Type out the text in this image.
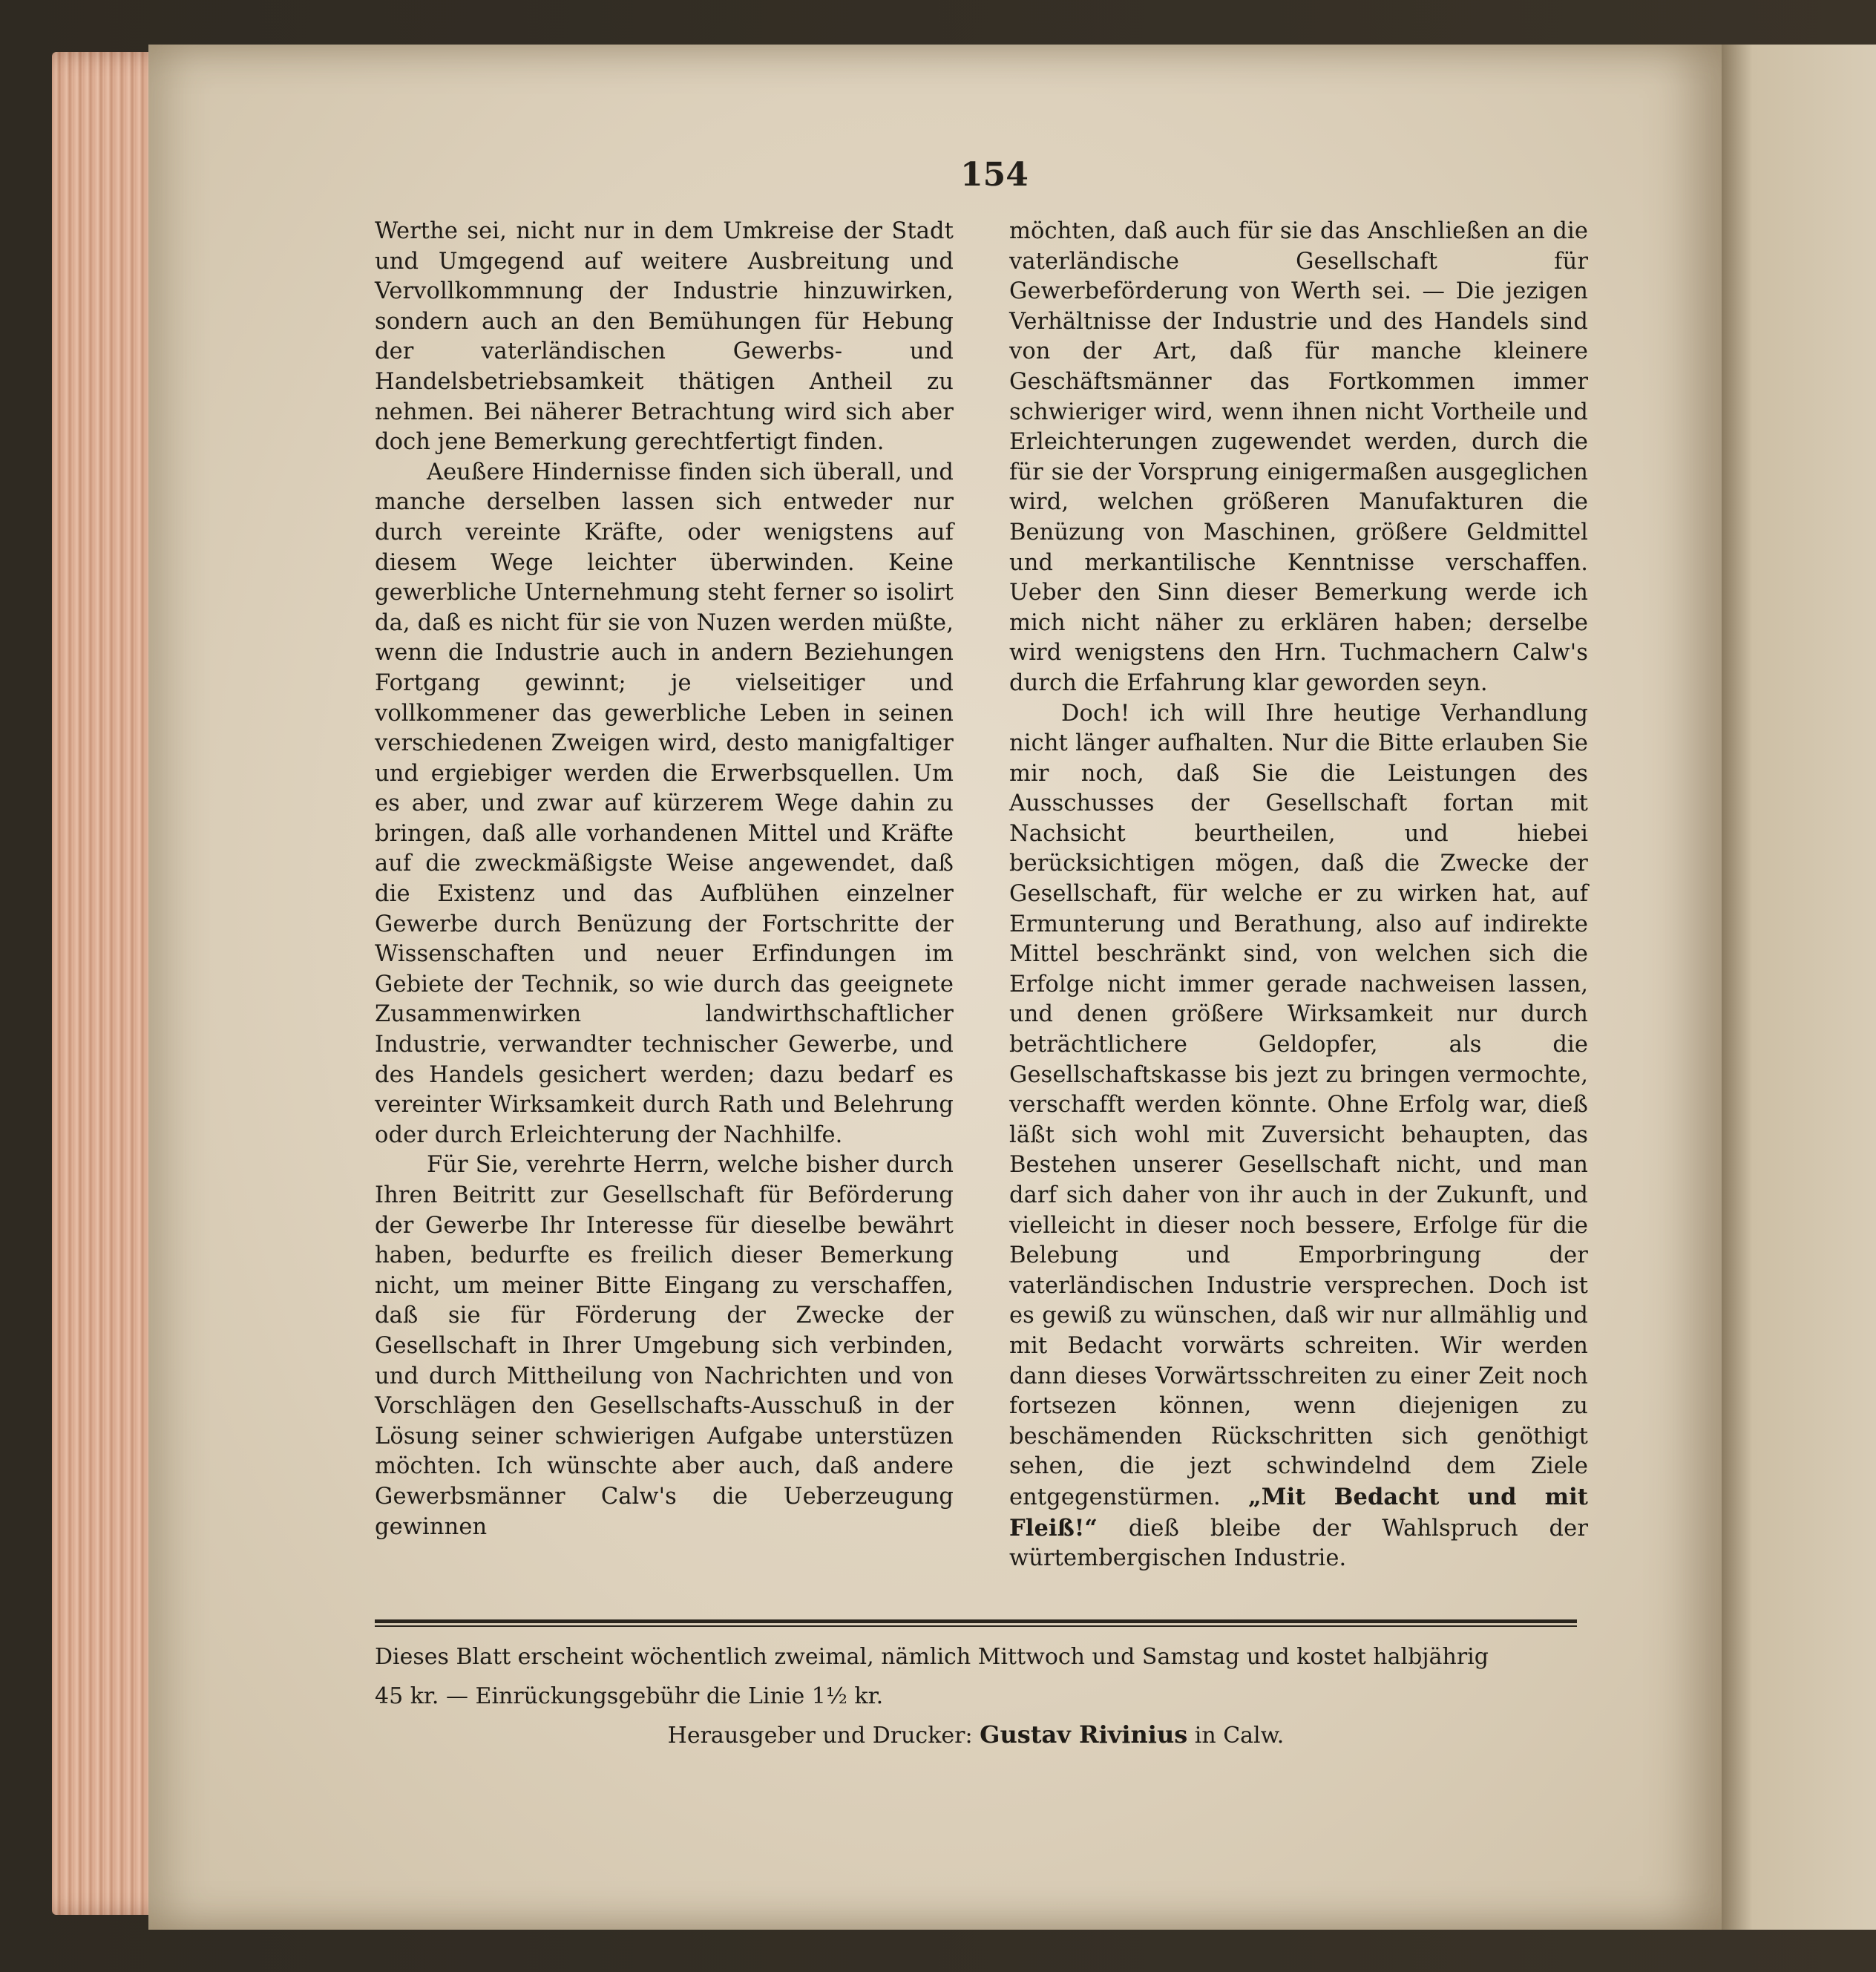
154

Werthe sei, nicht nur in dem Umkreise der Stadt und Umgegend auf weitere Ausbreitung und Vervollkommnung der Industrie hinzuwirken, sondern auch an den Bemühungen für Hebung der vaterländischen Gewerbs- und Handelsbetriebsamkeit thätigen Antheil zu nehmen. Bei näherer Betrachtung wird sich aber doch jene Bemerkung gerechtfertigt finden.

Aeußere Hindernisse finden sich überall, und manche derselben lassen sich entweder nur durch vereinte Kräfte, oder wenigstens auf diesem Wege leichter überwinden. Keine gewerbliche Unternehmung steht ferner so isolirt da, daß es nicht für sie von Nuzen werden müßte, wenn die Industrie auch in andern Beziehungen Fortgang gewinnt; je vielseitiger und vollkommener das gewerbliche Leben in seinen verschiedenen Zweigen wird, desto manigfaltiger und ergiebiger werden die Erwerbsquellen. Um es aber, und zwar auf kürzerem Wege dahin zu bringen, daß alle vorhandenen Mittel und Kräfte auf die zweckmäßigste Weise angewendet, daß die Existenz und das Aufblühen einzelner Gewerbe durch Benüzung der Fortschritte der Wissenschaften und neuer Erfindungen im Gebiete der Technik, so wie durch das geeignete Zusammenwirken landwirthschaftlicher Industrie, verwandter technischer Gewerbe, und des Handels gesichert werden; dazu bedarf es vereinter Wirksamkeit durch Rath und Belehrung oder durch Erleichterung der Nachhilfe.

Für Sie, verehrte Herrn, welche bisher durch Ihren Beitritt zur Gesellschaft für Beförderung der Gewerbe Ihr Interesse für dieselbe bewährt haben, bedurfte es freilich dieser Bemerkung nicht, um meiner Bitte Eingang zu verschaffen, daß sie für Förderung der Zwecke der Gesellschaft in Ihrer Umgebung sich verbinden, und durch Mittheilung von Nachrichten und von Vorschlägen den Gesellschafts-Ausschuß in der Lösung seiner schwierigen Aufgabe unterstüzen möchten. Ich wünschte aber auch, daß andere Gewerbsmänner Calw's die Ueberzeugung gewinnen

möchten, daß auch für sie das Anschließen an die vaterländische Gesellschaft für Gewerbeförderung von Werth sei. — Die jezigen Verhältnisse der Industrie und des Handels sind von der Art, daß für manche kleinere Geschäftsmänner das Fortkommen immer schwieriger wird, wenn ihnen nicht Vortheile und Erleichterungen zugewendet werden, durch die für sie der Vorsprung einigermaßen ausgeglichen wird, welchen größeren Manufakturen die Benüzung von Maschinen, größere Geldmittel und merkantilische Kenntnisse verschaffen. Ueber den Sinn dieser Bemerkung werde ich mich nicht näher zu erklären haben; derselbe wird wenigstens den Hrn. Tuchmachern Calw's durch die Erfahrung klar geworden seyn.

Doch! ich will Ihre heutige Verhandlung nicht länger aufhalten. Nur die Bitte erlauben Sie mir noch, daß Sie die Leistungen des Ausschusses der Gesellschaft fortan mit Nachsicht beurtheilen, und hiebei berücksichtigen mögen, daß die Zwecke der Gesellschaft, für welche er zu wirken hat, auf Ermunterung und Berathung, also auf indirekte Mittel beschränkt sind, von welchen sich die Erfolge nicht immer gerade nachweisen lassen, und denen größere Wirksamkeit nur durch beträchtlichere Geldopfer, als die Gesellschaftskasse bis jezt zu bringen vermochte, verschafft werden könnte. Ohne Erfolg war, dieß läßt sich wohl mit Zuversicht behaupten, das Bestehen unserer Gesellschaft nicht, und man darf sich daher von ihr auch in der Zukunft, und vielleicht in dieser noch bessere, Erfolge für die Belebung und Emporbringung der vaterländischen Industrie versprechen. Doch ist es gewiß zu wünschen, daß wir nur allmählig und mit Bedacht vorwärts schreiten. Wir werden dann dieses Vorwärtsschreiten zu einer Zeit noch fortsezen können, wenn diejenigen zu beschämenden Rückschritten sich genöthigt sehen, die jezt schwindelnd dem Ziele entgegenstürmen. „Mit Bedacht und mit Fleiß!“ dieß bleibe der Wahlspruch der würtembergischen Industrie.

Dieses Blatt erscheint wöchentlich zweimal, nämlich Mittwoch und Samstag und kostet halbjährig
45 kr. — Einrückungsgebühr die Linie 1½ kr.
Herausgeber und Drucker: Gustav Rivinius in Calw.
